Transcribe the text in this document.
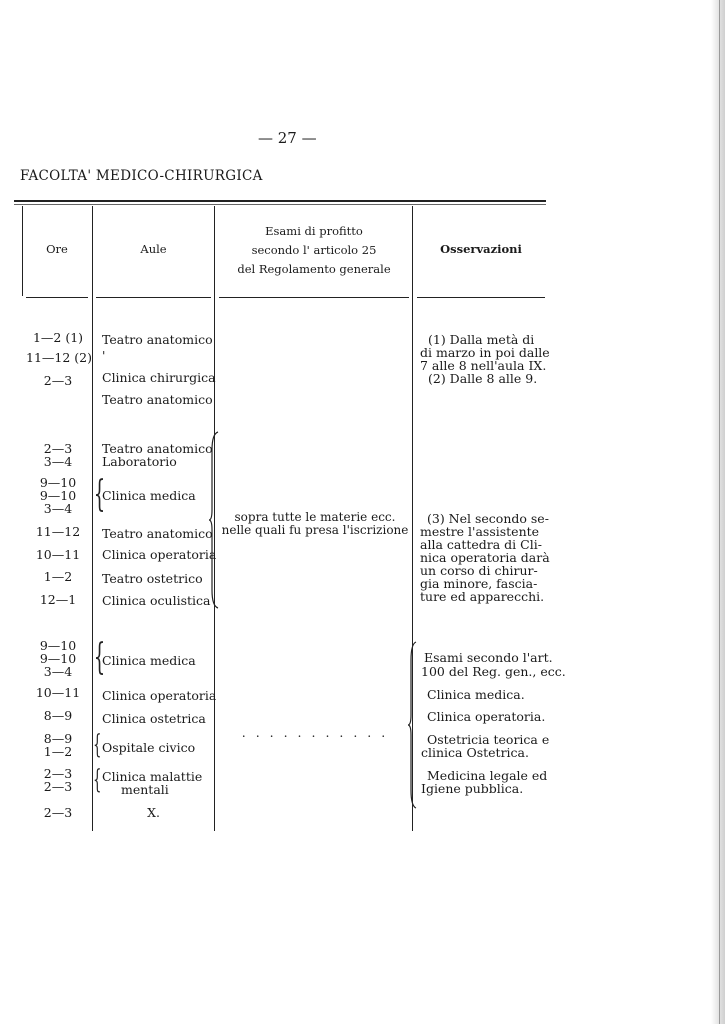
— 27 —
FACOLTA' MEDICO-CHIRURGICA
Ore	Aule
Esami di profitto
secondo l' articolo 25
del Regolamento generale
Osservazioni
1—2 (1)
11—12 (2)
2—3
Teatro anatomico
'
Clinica chirurgica
Teatro anatomico
(1) Dalla metà di
di marzo in poi dalle
7 alle 8 nell'aula IX.
(2) Dalle 8 alle 9.
2—3
3—4
9—10
9—10
3—4
11—12
10—11
1—2
12—1
{
Teatro anatomico
Laboratorio
Clinica medica
Teatro anatomico
Clinica operatoria
Teatro ostetrico
Clinica oculistica
sopra tutte le materie ecc.
nelle quali fu presa l'iscrizione
(3) Nel secondo se-
mestre l'assistente
alla cattedra di Cli-
nica operatoria darà
un corso di chirur-
gia minore, fascia-
ture ed apparecchi.
9—10
9—10
3—4
10—11
8—9
8—9
1—2
2—3
2—3
2—3
{
{
{
Clinica medica
Clinica operatoria
Clinica ostetrica
Ospitale civico
Clinica malattie
mentali
X.
. . . . . . . . . . .
Esami secondo l'art.
100 del Reg. gen., ecc.
Clinica medica.
Clinica operatoria.
Ostetricia teorica e
clinica Ostetrica.
Medicina legale ed
Igiene pubblica.
